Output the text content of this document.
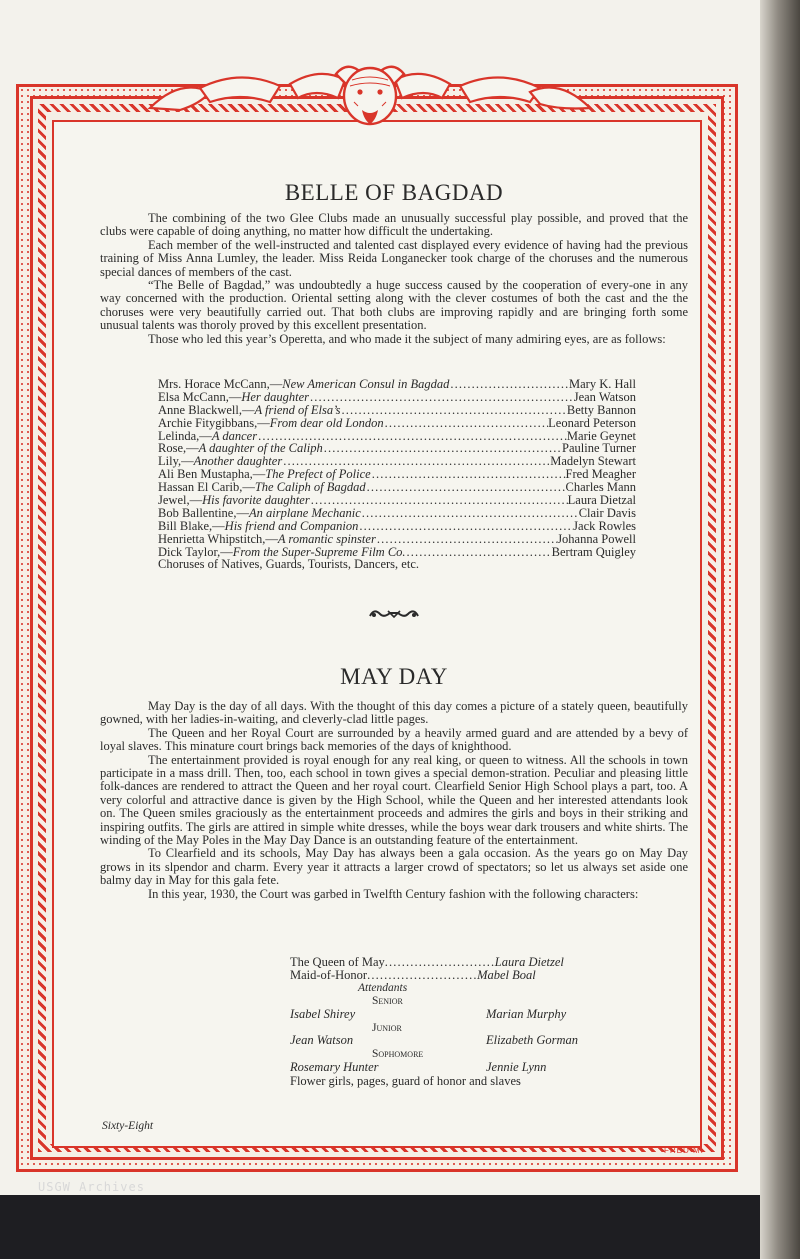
USGW Archives
FRED M.
BELLE OF BAGDAD

The combining of the two Glee Clubs made an unusually successful play possible, and proved that the clubs were capable of doing anything, no matter how difficult the undertaking.

Each member of the well-instructed and talented cast displayed every evidence of having had the previous training of Miss Anna Lumley, the leader. Miss Reida Longanecker took charge of the choruses and the numerous special dances of members of the cast.

“The Belle of Bagdad,” was undoubtedly a huge success caused by the cooperation of every-one in any way concerned with the production. Oriental setting along with the clever costumes of both the cast and the the choruses were very beautifully carried out. That both clubs are improving rapidly and are bringing forth some unusual talents was thoroly proved by this excellent presentation.

Those who led this year’s Operetta, and who made it the subject of many admiring eyes, are as follows:

Mrs. Horace McCann,— New American Consul in Bagdad . . .	Mary K. Hall
Elsa McCann,— Her daughter . . .	Jean Watson
Anne Blackwell,— A friend of Elsa’s . . .	Betty Bannon
Archie Fitygibbans,— From dear old London . . .	Leonard Peterson
Lelinda,— A dancer . . .	Marie Geynet
Rose,— A daughter of the Caliph . . .	Pauline Turner
Lily,— Another daughter . . .	Madelyn Stewart
Ali Ben Mustapha,— The Prefect of Police . . .	Fred Meagher
Hassan El Carib,— The Caliph of Bagdad . . .	Charles Mann
Jewel,— His favorite daughter . . .	Laura Dietzal
Bob Ballentine,— An airplane Mechanic . . .	Clair Davis
Bill Blake,— His friend and Companion . . .	Jack Rowles
Henrietta Whipstitch,— A romantic spinster . . .	Johanna Powell
Dick Taylor,— From the Super-Supreme Film Co. . . .	Bertram Quigley
Choruses of Natives, Guards, Tourists, Dancers, etc.
MAY DAY

May Day is the day of all days. With the thought of this day comes a picture of a stately queen, beautifully gowned, with her ladies-in-waiting, and cleverly-clad little pages.

The Queen and her Royal Court are surrounded by a heavily armed guard and are attended by a bevy of loyal slaves. This minature court brings back memories of the days of knighthood.

The entertainment provided is royal enough for any real king, or queen to witness. All the schools in town participate in a mass drill. Then, too, each school in town gives a special demon-stration. Peculiar and pleasing little folk-dances are rendered to attract the Queen and her royal court. Clearfield Senior High School plays a part, too. A very colorful and attractive dance is given by the High School, while the Queen and her interested attendants look on. The Queen smiles graciously as the entertainment proceeds and admires the girls and boys in their striking and inspiring outfits. The girls are attired in simple white dresses, while the boys wear dark trousers and white shirts. The winding of the May Poles in the May Day Dance is an outstanding feature of the entertainment.

To Clearfield and its schools, May Day has always been a gala occasion. As the years go on May Day grows in its slpendor and charm. Every year it attracts a larger crowd of spectators; so let us always set aside one balmy day in May for this gala fete.

In this year, 1930, the Court was garbed in Twelfth Century fashion with the following characters:

The Queen of May . . .	Laura Dietzel
Maid-of-Honor . . .	Mabel Boal
Attendants
Senior
Isabel Shirey	Marian Murphy
Junior
Jean Watson	Elizabeth Gorman
Sophomore
Rosemary Hunter	Jennie Lynn
Flower girls, pages, guard of honor and slaves
Sixty-Eight
